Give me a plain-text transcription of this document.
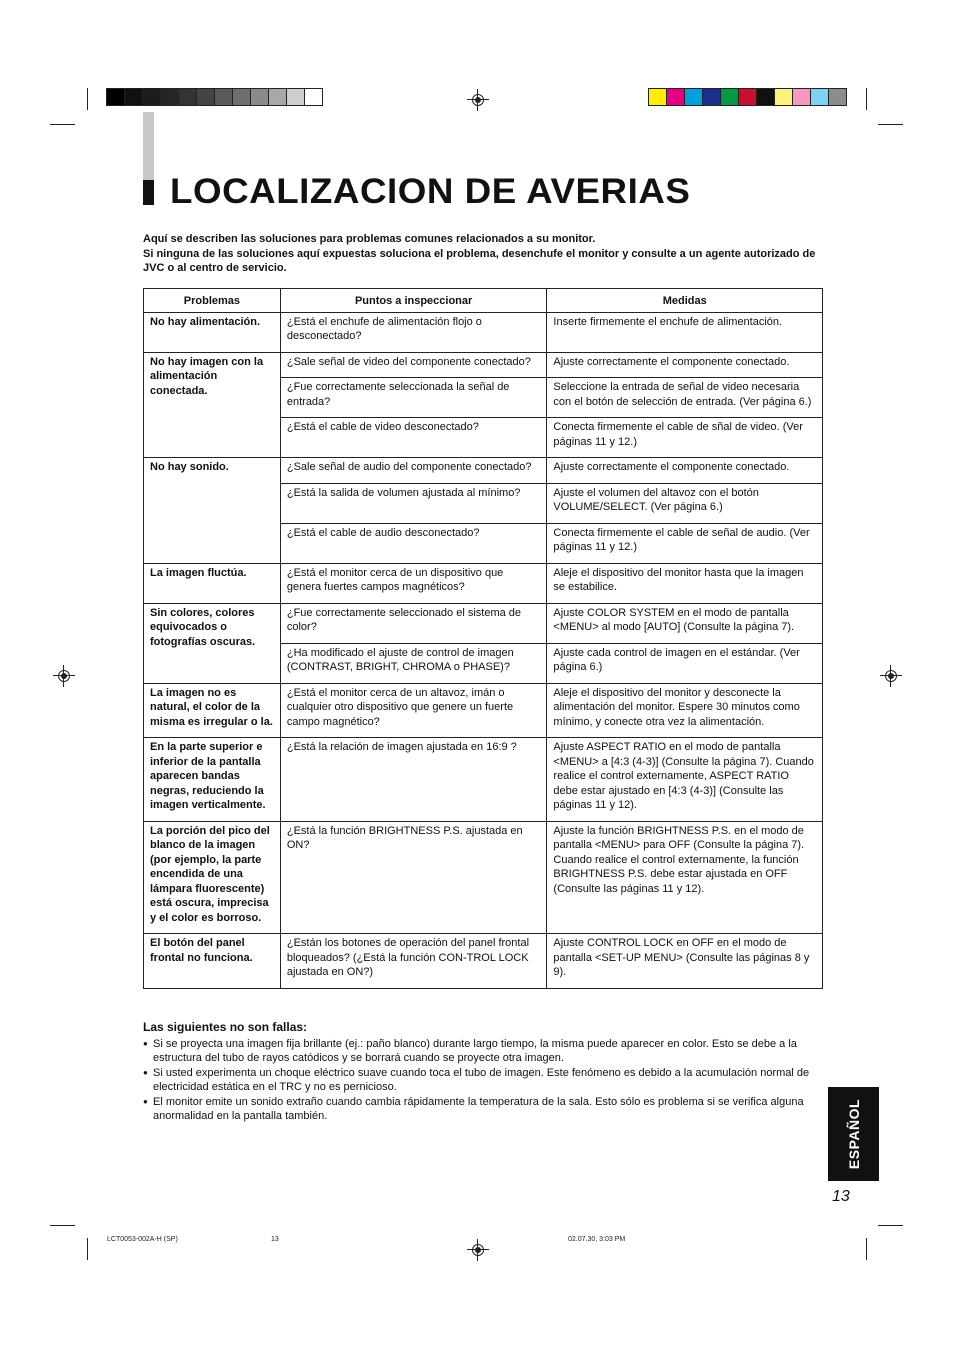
LOCALIZACION DE AVERIAS

Aquí se describen las soluciones para problemas comunes relacionados a su monitor.

Si ninguna de las soluciones aquí expuestas soluciona el problema, desenchufe el monitor y consulte a un agente autorizado de JVC o al centro de servicio.

Problemas	Puntos a inspeccionar	Medidas
No hay alimentación.	¿Está el enchufe de alimentación flojo o desconectado?	Inserte firmemente el enchufe de alimentación.
No hay imagen con la alimentación conectada.	¿Sale señal de video del componente conectado?	Ajuste correctamente el componente conectado.
	¿Fue correctamente seleccionada la señal de entrada?	Seleccione la entrada de señal de video necesaria con el botón de selección de entrada. (Ver página 6.)
	¿Está el cable de video desconectado?	Conecta firmemente el cable de sñal de video. (Ver páginas 11 y 12.)
No hay sonido.	¿Sale señal de audio del componente conectado?	Ajuste correctamente el componente conectado.
	¿Está la salida de volumen ajustada al mínimo?	Ajuste el volumen del altavoz con el botón VOLUME/SELECT. (Ver página 6.)
	¿Está el cable de audio desconectado?	Conecta firmemente el cable de señal de audio. (Ver páginas 11 y 12.)
La imagen fluctúa.	¿Está el monitor cerca de un dispositivo que genera fuertes campos magnéticos?	Aleje el dispositivo del monitor hasta que la imagen se estabilice.
Sin colores, colores equivocados o fotografías oscuras.	¿Fue correctamente seleccionado el sistema de color?	Ajuste COLOR SYSTEM en el modo de pantalla <MENU> al modo [AUTO] (Consulte la página 7).
	¿Ha modificado el ajuste de control de imagen (CONTRAST, BRIGHT, CHROMA o PHASE)?	Ajuste cada control de imagen en el estándar. (Ver página 6.)
La imagen no es natural, el color de la misma es irregular o la.	¿Está el monitor cerca de un altavoz, imán o cualquier otro dispositivo que genere un fuerte campo magnético?	Aleje el dispositivo del monitor y desconecte la alimentación del monitor. Espere 30 minutos como mínimo, y conecte otra vez la alimentación.
En la parte superior e inferior de la pantalla aparecen bandas negras, reduciendo la imagen verticalmente.	¿Está la relación de imagen ajustada en 16:9 ?	Ajuste ASPECT RATIO en el modo de pantalla <MENU> a [4:3 (4-3)] (Consulte la página 7). Cuando realice el control externamente, ASPECT RATIO debe estar ajustado en [4:3 (4-3)] (Consulte las páginas 11 y 12).
La porción del pico del blanco de la imagen (por ejemplo, la parte encendida de una lámpara fluorescente) está oscura, imprecisa y el color es borroso.	¿Está la función BRIGHTNESS P.S. ajustada en ON?	Ajuste la función BRIGHTNESS P.S. en el modo de pantalla <MENU> para OFF (Consulte la página 7). Cuando realice el control externamente, la función BRIGHTNESS P.S. debe estar ajustada en OFF (Consulte las páginas 11 y 12).
El botón del panel frontal no funciona.	¿Están los botones de operación del panel frontal bloqueados? (¿Está la función CON-TROL LOCK ajustada en ON?)	Ajuste CONTROL LOCK en OFF en el modo de pantalla <SET-UP MENU> (Consulte las páginas 8 y 9).
Las siguientes no son fallas:
● Si se proyecta una imagen fija brillante (ej.: paño blanco) durante largo tiempo, la misma puede aparecer en color. Esto se debe a la estructura del tubo de rayos catódicos y se borrará cuando se proyecte otra imagen.
● Si usted experimenta un choque eléctrico suave cuando toca el tubo de imagen. Este fenómeno es debido a la acumulación normal de electricidad estática en el TRC y no es pernicioso.
● El monitor emite un sonido extraño cuando cambia rápidamente la temperatura de la sala. Esto sólo es problema si se verifica alguna anormalidad en la pantalla también.	ESPAÑOL
13
LCT0053-002A-H (SP)	13	02.07.30, 3:03 PM
